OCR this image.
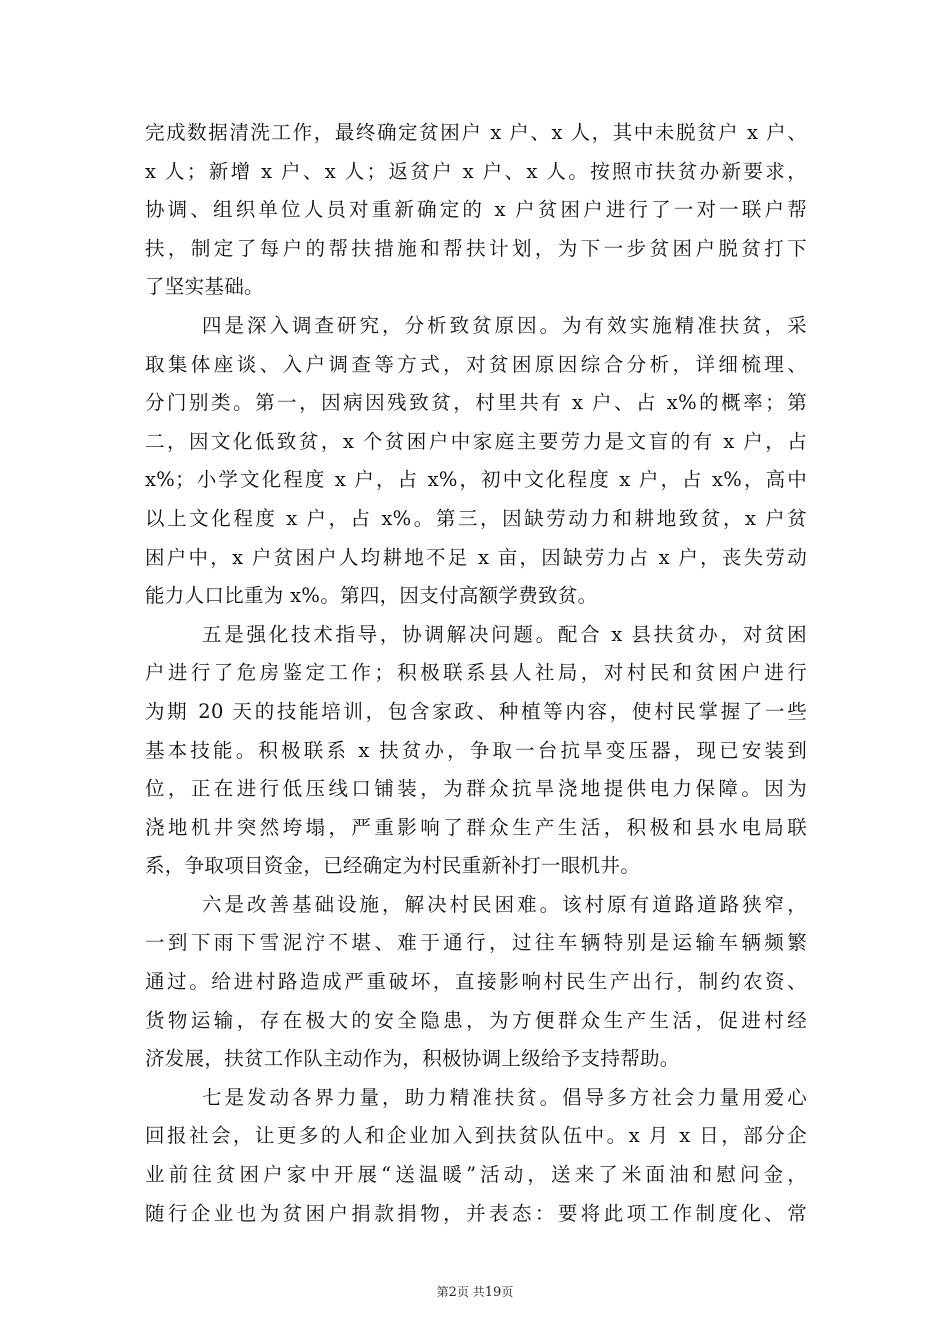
完成数据清洗工作，最终确定贫困户 x 户、x 人，其中未脱贫户 x 户、
x 人；新增 x 户、x 人；返贫户 x 户、x 人。按照市扶贫办新要求，
协调、组织单位人员对重新确定的 x 户贫困户进行了一对一联户帮
扶，制定了每户的帮扶措施和帮扶计划，为下一步贫困户脱贫打下
了坚实基础。
四是深入调查研究，分析致贫原因。为有效实施精准扶贫，采
取集体座谈、入户调查等方式，对贫困原因综合分析，详细梳理、
分门别类。第一，因病因残致贫，村里共有 x 户、占 x%的概率；第
二，因文化低致贫，x 个贫困户中家庭主要劳力是文盲的有 x 户，占
x%；小学文化程度 x 户，占 x%，初中文化程度 x 户，占 x%，高中
以上文化程度 x 户，占 x%。第三，因缺劳动力和耕地致贫，x 户贫
困户中，x 户贫困户人均耕地不足 x 亩，因缺劳力占 x 户，丧失劳动
能力人口比重为 x%。第四，因支付高额学费致贫。
五是强化技术指导，协调解决问题。配合 x 县扶贫办，对贫困
户进行了危房鉴定工作；积极联系县人社局，对村民和贫困户进行
为期 20 天的技能培训，包含家政、种植等内容，使村民掌握了一些
基本技能。积极联系 x 扶贫办，争取一台抗旱变压器，现已安装到
位，正在进行低压线口铺装，为群众抗旱浇地提供电力保障。因为
浇地机井突然垮塌，严重影响了群众生产生活，积极和县水电局联
系，争取项目资金，已经确定为村民重新补打一眼机井。
六是改善基础设施，解决村民困难。该村原有道路道路狭窄，
一到下雨下雪泥泞不堪、难于通行，过往车辆特别是运输车辆频繁
通过。给进村路造成严重破坏，直接影响村民生产出行，制约农资、
货物运输，存在极大的安全隐患，为方便群众生产生活，促进村经
济发展，扶贫工作队主动作为，积极协调上级给予支持帮助。
七是发动各界力量，助力精准扶贫。倡导多方社会力量用爱心
回报社会，让更多的人和企业加入到扶贫队伍中。x 月 x 日，部分企
业前往贫困户家中开展“送温暖”活动，送来了米面油和慰问金，
随行企业也为贫困户捐款捐物，并表态：要将此项工作制度化、常
第2页 共19页
